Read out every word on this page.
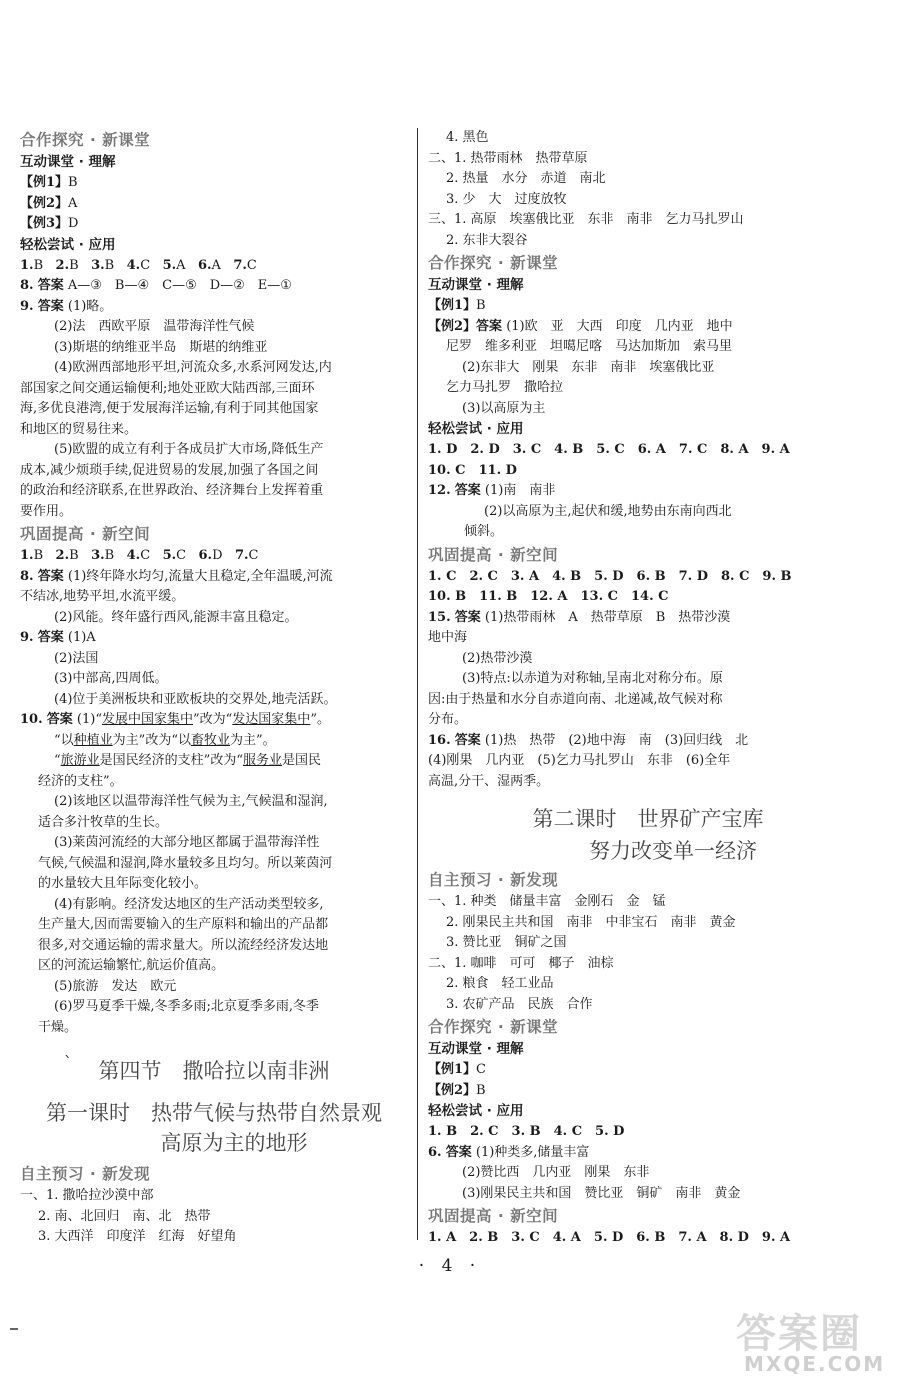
合作探究 · 新课堂
互动课堂 · 理解
【例1】B
【例2】A
【例3】D
轻松尝试 · 应用
1.B 2.B 3.B 4.C 5.A 6.A 7.C
8. 答案 A—③　B—④　C—⑤　D—②　E—①
9. 答案 (1)略。
(2)法　西欧平原　温带海洋性气候
(3)斯堪的纳维亚半岛　斯堪的纳维亚
(4)欧洲西部地形平坦,河流众多,水系河网发达,内
部国家之间交通运输便利;地处亚欧大陆西部,三面环
海,多优良港湾,便于发展海洋运输,有利于同其他国家
和地区的贸易往来。
(5)欧盟的成立有利于各成员扩大市场,降低生产
成本,减少烦琐手续,促进贸易的发展,加强了各国之间
的政治和经济联系,在世界政治、经济舞台上发挥着重
要作用。
巩固提高 · 新空间
1.B 2.B 3.B 4.C 5.C 6.D 7.C
8. 答案 (1)终年降水均匀,流量大且稳定,全年温暖,河流
不结冰,地势平坦,水流平缓。
(2)风能。终年盛行西风,能源丰富且稳定。
9. 答案 (1)A
(2)法国
(3)中部高,四周低。
(4)位于美洲板块和亚欧板块的交界处,地壳活跃。
10. 答案 (1)“发展中国家集中”改为“发达国家集中”。
“以种植业为主”改为“以畜牧业为主”。
“旅游业是国民经济的支柱”改为“服务业是国民
经济的支柱”。
(2)该地区以温带海洋性气候为主,气候温和湿润,
适合多汁牧草的生长。
(3)莱茵河流经的大部分地区都属于温带海洋性
气候,气候温和湿润,降水量较多且均匀。所以莱茵河
的水量较大且年际变化较小。
(4)有影响。经济发达地区的生产活动类型较多,
生产量大,因而需要输入的生产原料和输出的产品都
很多,对交通运输的需求量大。所以流经经济发达地
区的河流运输繁忙,航运价值高。
(5)旅游　发达　欧元
(6)罗马夏季干燥,冬季多雨;北京夏季多雨,冬季
干燥。
` 第四节　撒哈拉以南非洲
第一课时　热带气候与热带自然景观
高原为主的地形
自主预习 · 新发现
一、1. 撒哈拉沙漠中部
2. 南、北回归　南、北　热带
3. 大西洋　印度洋　红海　好望角
4. 黑色
二、1. 热带雨林　热带草原
2. 热量　水分　赤道　南北
3. 少　大　过度放牧
三、1. 高原　埃塞俄比亚　东非　南非　乞力马扎罗山
2. 东非大裂谷
合作探究 · 新课堂
互动课堂 · 理解
【例1】B
【例2】答案 (1)欧　亚　大西　印度　几内亚　地中
尼罗　维多利亚　坦噶尼喀　马达加斯加　索马里
(2)东非大　刚果　东非　南非　埃塞俄比亚
乞力马扎罗　撒哈拉
(3)以高原为主
轻松尝试 · 应用
1. D　2. D　3. C　4. B　5. C　6. A　7. C　8. A　9. A
10. C　11. D
12. 答案 (1)南　南非
(2)以高原为主,起伏和缓,地势由东南向西北
倾斜。
巩固提高 · 新空间
1. C　2. C　3. A　4. B　5. D　6. B　7. D　8. C　9. B
10. B　11. B　12. A　13. C　14. C
15. 答案 (1)热带雨林　A　热带草原　B　热带沙漠
地中海
(2)热带沙漠
(3)特点:以赤道为对称轴,呈南北对称分布。原
因:由于热量和水分自赤道向南、北递减,故气候对称
分布。
16. 答案 (1)热　热带　(2)地中海　南　(3)回归线　北
(4)刚果　几内亚　(5)乞力马扎罗山　东非　(6)全年
高温,分干、湿两季。
第二课时　世界矿产宝库
努力改变单一经济
自主预习 · 新发现
一、1. 种类　储量丰富　金刚石　金　锰
2. 刚果民主共和国　南非　中非宝石　南非　黄金
3. 赞比亚　铜矿之国
二、1. 咖啡　可可　椰子　油棕
2. 粮食　轻工业品
3. 农矿产品　民族　合作
合作探究 · 新课堂
互动课堂 · 理解
【例1】C
【例2】B
轻松尝试 · 应用
1. B　2. C　3. B　4. C　5. D
6. 答案 (1)种类多,储量丰富
(2)赞比西　几内亚　刚果　东非
(3)刚果民主共和国　赞比亚　铜矿　南非　黄金
巩固提高 · 新空间
1. A　2. B　3. C　4. A　5. D　6. B　7. A　8. D　9. A
· 4 ·
答案圈
MXQE.COM
